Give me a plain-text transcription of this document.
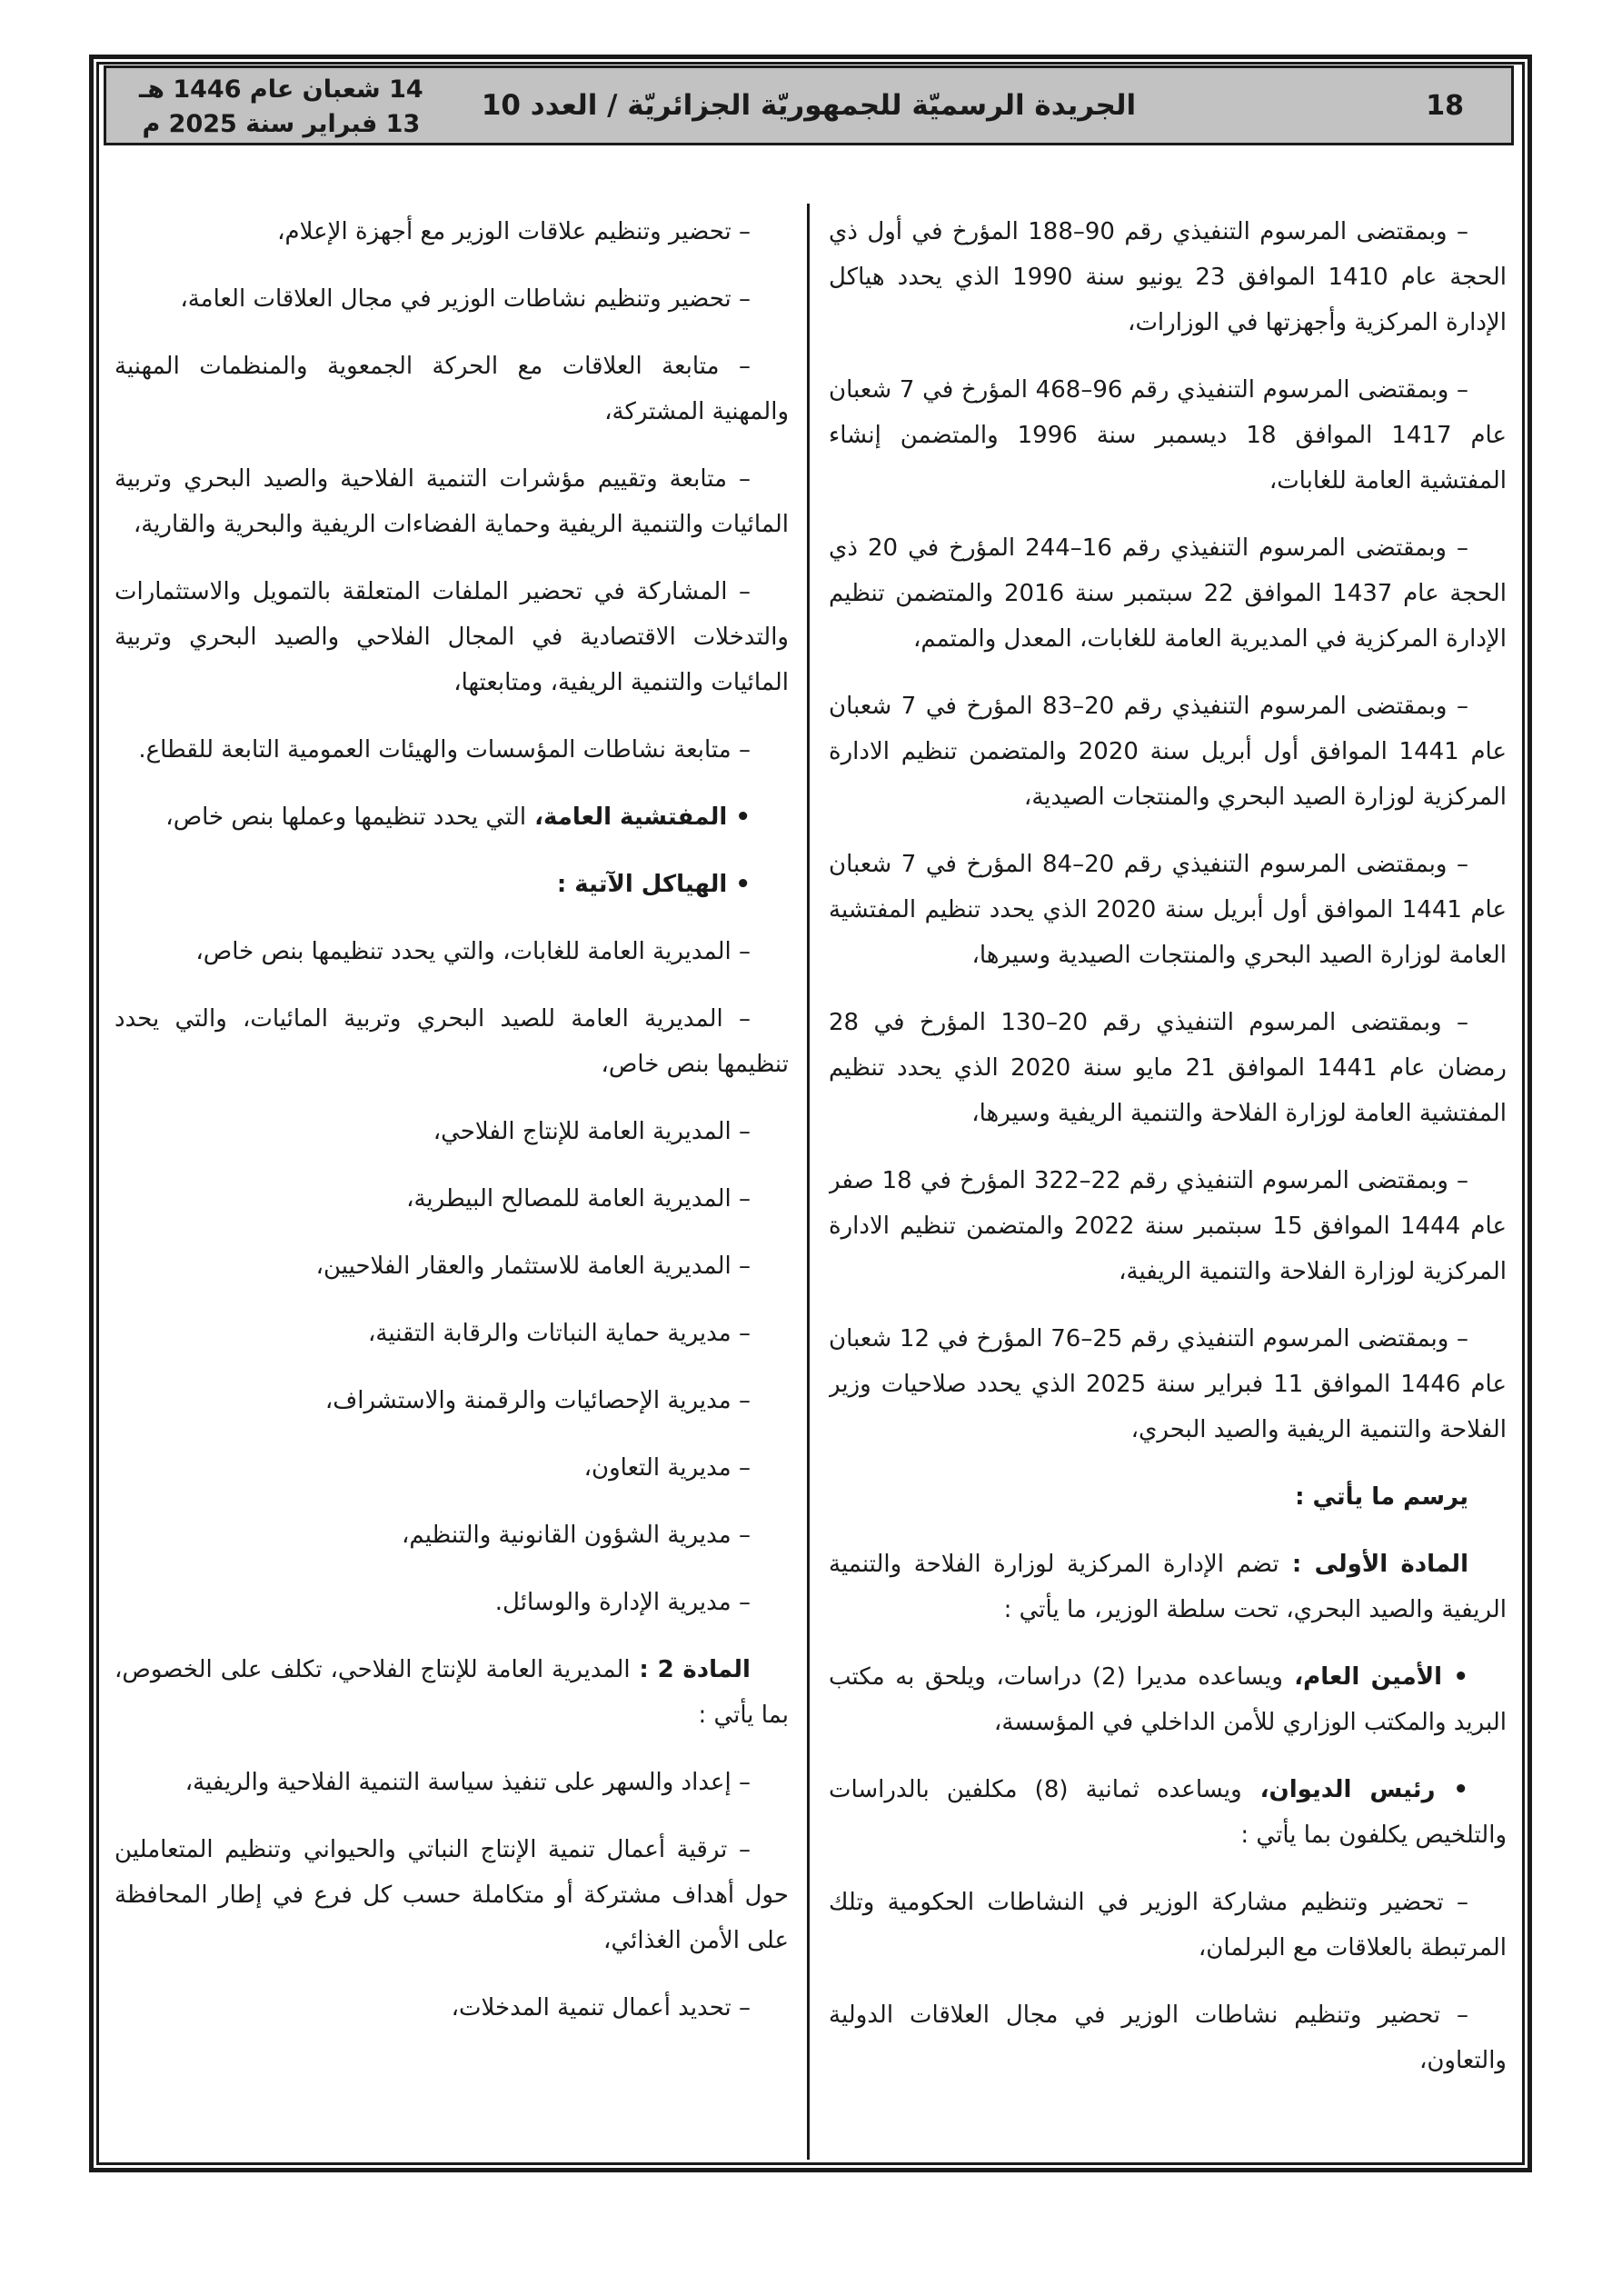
14 شعبان عام 1446 هـ
13 فبراير سنة 2025 م
الجريدة الرسميّة للجمهوريّة الجزائريّة / العدد 10	18

– وبمقتضى المرسوم التنفيذي رقم 90–188 المؤرخ في أول ذي الحجة عام 1410 الموافق 23 يونيو سنة 1990 الذي يحدد هياكل الإدارة المركزية وأجهزتها في الوزارات،

– وبمقتضى المرسوم التنفيذي رقم 96–468 المؤرخ في 7 شعبان عام 1417 الموافق 18 ديسمبر سنة 1996 والمتضمن إنشاء المفتشية العامة للغابات،

– وبمقتضى المرسوم التنفيذي رقم 16–244 المؤرخ في 20 ذي الحجة عام 1437 الموافق 22 سبتمبر سنة 2016 والمتضمن تنظيم الإدارة المركزية في المديرية العامة للغابات، المعدل والمتمم،

– وبمقتضى المرسوم التنفيذي رقم 20–83 المؤرخ في 7 شعبان عام 1441 الموافق أول أبريل سنة 2020 والمتضمن تنظيم الادارة المركزية لوزارة الصيد البحري والمنتجات الصيدية،

– وبمقتضى المرسوم التنفيذي رقم 20–84 المؤرخ في 7 شعبان عام 1441 الموافق أول أبريل سنة 2020 الذي يحدد تنظيم المفتشية العامة لوزارة الصيد البحري والمنتجات الصيدية وسيرها،

– وبمقتضى المرسوم التنفيذي رقم 20–130 المؤرخ في 28 رمضان عام 1441 الموافق 21 مايو سنة 2020 الذي يحدد تنظيم المفتشية العامة لوزارة الفلاحة والتنمية الريفية وسيرها،

– وبمقتضى المرسوم التنفيذي رقم 22–322 المؤرخ في 18 صفر عام 1444 الموافق 15 سبتمبر سنة 2022 والمتضمن تنظيم الادارة المركزية لوزارة الفلاحة والتنمية الريفية،

– وبمقتضى المرسوم التنفيذي رقم 25–76 المؤرخ في 12 شعبان عام 1446 الموافق 11 فبراير سنة 2025 الذي يحدد صلاحيات وزير الفلاحة والتنمية الريفية والصيد البحري،

يرسم ما يأتي :

المادة الأولى : تضم الإدارة المركزية لوزارة الفلاحة والتنمية الريفية والصيد البحري، تحت سلطة الوزير، ما يأتي :

• الأمين العام، ويساعده مديرا (2) دراسات، ويلحق به مكتب البريد والمكتب الوزاري للأمن الداخلي في المؤسسة،

• رئيس الديوان، ويساعده ثمانية (8) مكلفين بالدراسات والتلخيص يكلفون بما يأتي :

– تحضير وتنظيم مشاركة الوزير في النشاطات الحكومية وتلك المرتبطة بالعلاقات مع البرلمان،

– تحضير وتنظيم نشاطات الوزير في مجال العلاقات الدولية والتعاون،

– تحضير وتنظيم علاقات الوزير مع أجهزة الإعلام،

– تحضير وتنظيم نشاطات الوزير في مجال العلاقات العامة،

– متابعة العلاقات مع الحركة الجمعوية والمنظمات المهنية والمهنية المشتركة،

– متابعة وتقييم مؤشرات التنمية الفلاحية والصيد البحري وتربية المائيات والتنمية الريفية وحماية الفضاءات الريفية والبحرية والقارية،

– المشاركة في تحضير الملفات المتعلقة بالتمويل والاستثمارات والتدخلات الاقتصادية في المجال الفلاحي والصيد البحري وتربية المائيات والتنمية الريفية، ومتابعتها،

– متابعة نشاطات المؤسسات والهيئات العمومية التابعة للقطاع.

• المفتشية العامة، التي يحدد تنظيمها وعملها بنص خاص،

• الهياكل الآتية :

– المديرية العامة للغابات، والتي يحدد تنظيمها بنص خاص،

– المديرية العامة للصيد البحري وتربية المائيات، والتي يحدد تنظيمها بنص خاص،

– المديرية العامة للإنتاج الفلاحي،

– المديرية العامة للمصالح البيطرية،

– المديرية العامة للاستثمار والعقار الفلاحيين،

– مديرية حماية النباتات والرقابة التقنية،

– مديرية الإحصائيات والرقمنة والاستشراف،

– مديرية التعاون،

– مديرية الشؤون القانونية والتنظيم،

– مديرية الإدارة والوسائل.

المادة 2 : المديرية العامة للإنتاج الفلاحي، تكلف على الخصوص، بما يأتي :

– إعداد والسهر على تنفيذ سياسة التنمية الفلاحية والريفية،

– ترقية أعمال تنمية الإنتاج النباتي والحيواني وتنظيم المتعاملين حول أهداف مشتركة أو متكاملة حسب كل فرع في إطار المحافظة على الأمن الغذائي،

– تحديد أعمال تنمية المدخلات،
